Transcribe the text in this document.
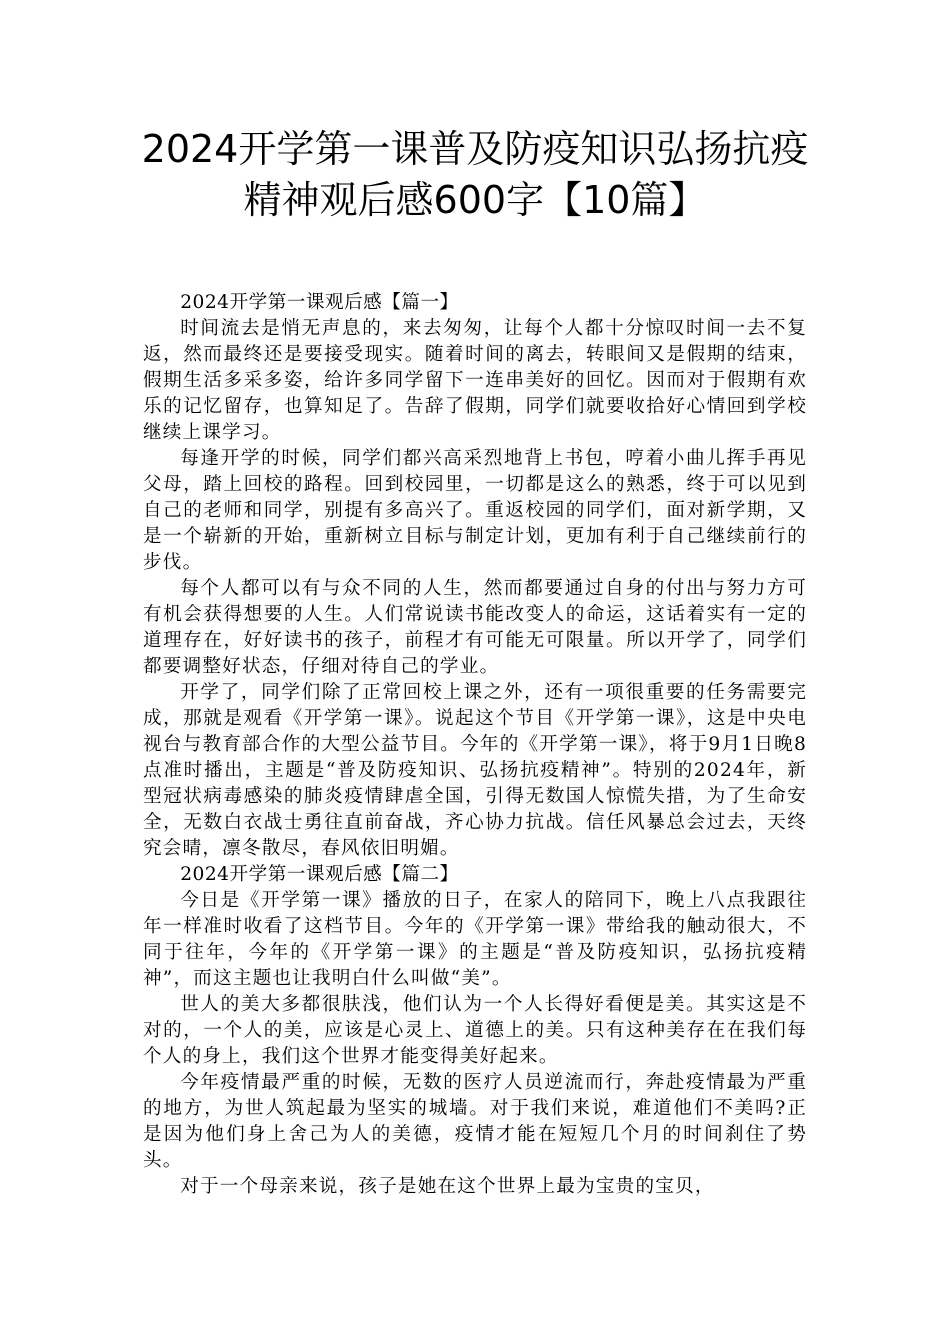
2024开学第一课普及防疫知识弘扬抗疫
精神观后感600字【10篇】

2024开学第一课观后感【篇一】

时间流去是悄无声息的，来去匆匆，让每个人都十分惊叹时间一去不复返，然而最终还是要接受现实。随着时间的离去，转眼间又是假期的结束，假期生活多采多姿，给许多同学留下一连串美好的回忆。因而对于假期有欢乐的记忆留存，也算知足了。告辞了假期，同学们就要收拾好心情回到学校继续上课学习。

每逢开学的时候，同学们都兴高采烈地背上书包，哼着小曲儿挥手再见父母，踏上回校的路程。回到校园里，一切都是这么的熟悉，终于可以见到自己的老师和同学，别提有多高兴了。重返校园的同学们，面对新学期，又是一个崭新的开始，重新树立目标与制定计划，更加有利于自己继续前行的步伐。

每个人都可以有与众不同的人生，然而都要通过自身的付出与努力方可有机会获得想要的人生。人们常说读书能改变人的命运，这话着实有一定的道理存在，好好读书的孩子，前程才有可能无可限量。所以开学了，同学们都要调整好状态，仔细对待自己的学业。

开学了，同学们除了正常回校上课之外，还有一项很重要的任务需要完成，那就是观看《开学第一课》。说起这个节目《开学第一课》，这是中央电视台与教育部合作的大型公益节目。今年的《开学第一课》，将于9月1日晚8点准时播出，主题是“普及防疫知识、弘扬抗疫精神”。特别的2024年，新型冠状病毒感染的肺炎疫情肆虐全国，引得无数国人惊慌失措，为了生命安全，无数白衣战士勇往直前奋战，齐心协力抗战。信任风暴总会过去，天终究会晴，凛冬散尽，春风依旧明媚。

2024开学第一课观后感【篇二】

今日是《开学第一课》播放的日子，在家人的陪同下，晚上八点我跟往年一样准时收看了这档节目。今年的《开学第一课》带给我的触动很大，不同于往年，今年的《开学第一课》的主题是“普及防疫知识，弘扬抗疫精神”，而这主题也让我明白什么叫做“美”。

世人的美大多都很肤浅，他们认为一个人长得好看便是美。其实这是不对的，一个人的美，应该是心灵上、道德上的美。只有这种美存在在我们每个人的身上，我们这个世界才能变得美好起来。

今年疫情最严重的时候，无数的医疗人员逆流而行，奔赴疫情最为严重的地方，为世人筑起最为坚实的城墙。对于我们来说，难道他们不美吗?正是因为他们身上舍己为人的美德，疫情才能在短短几个月的时间刹住了势头。

对于一个母亲来说，孩子是她在这个世界上最为宝贵的宝贝，
